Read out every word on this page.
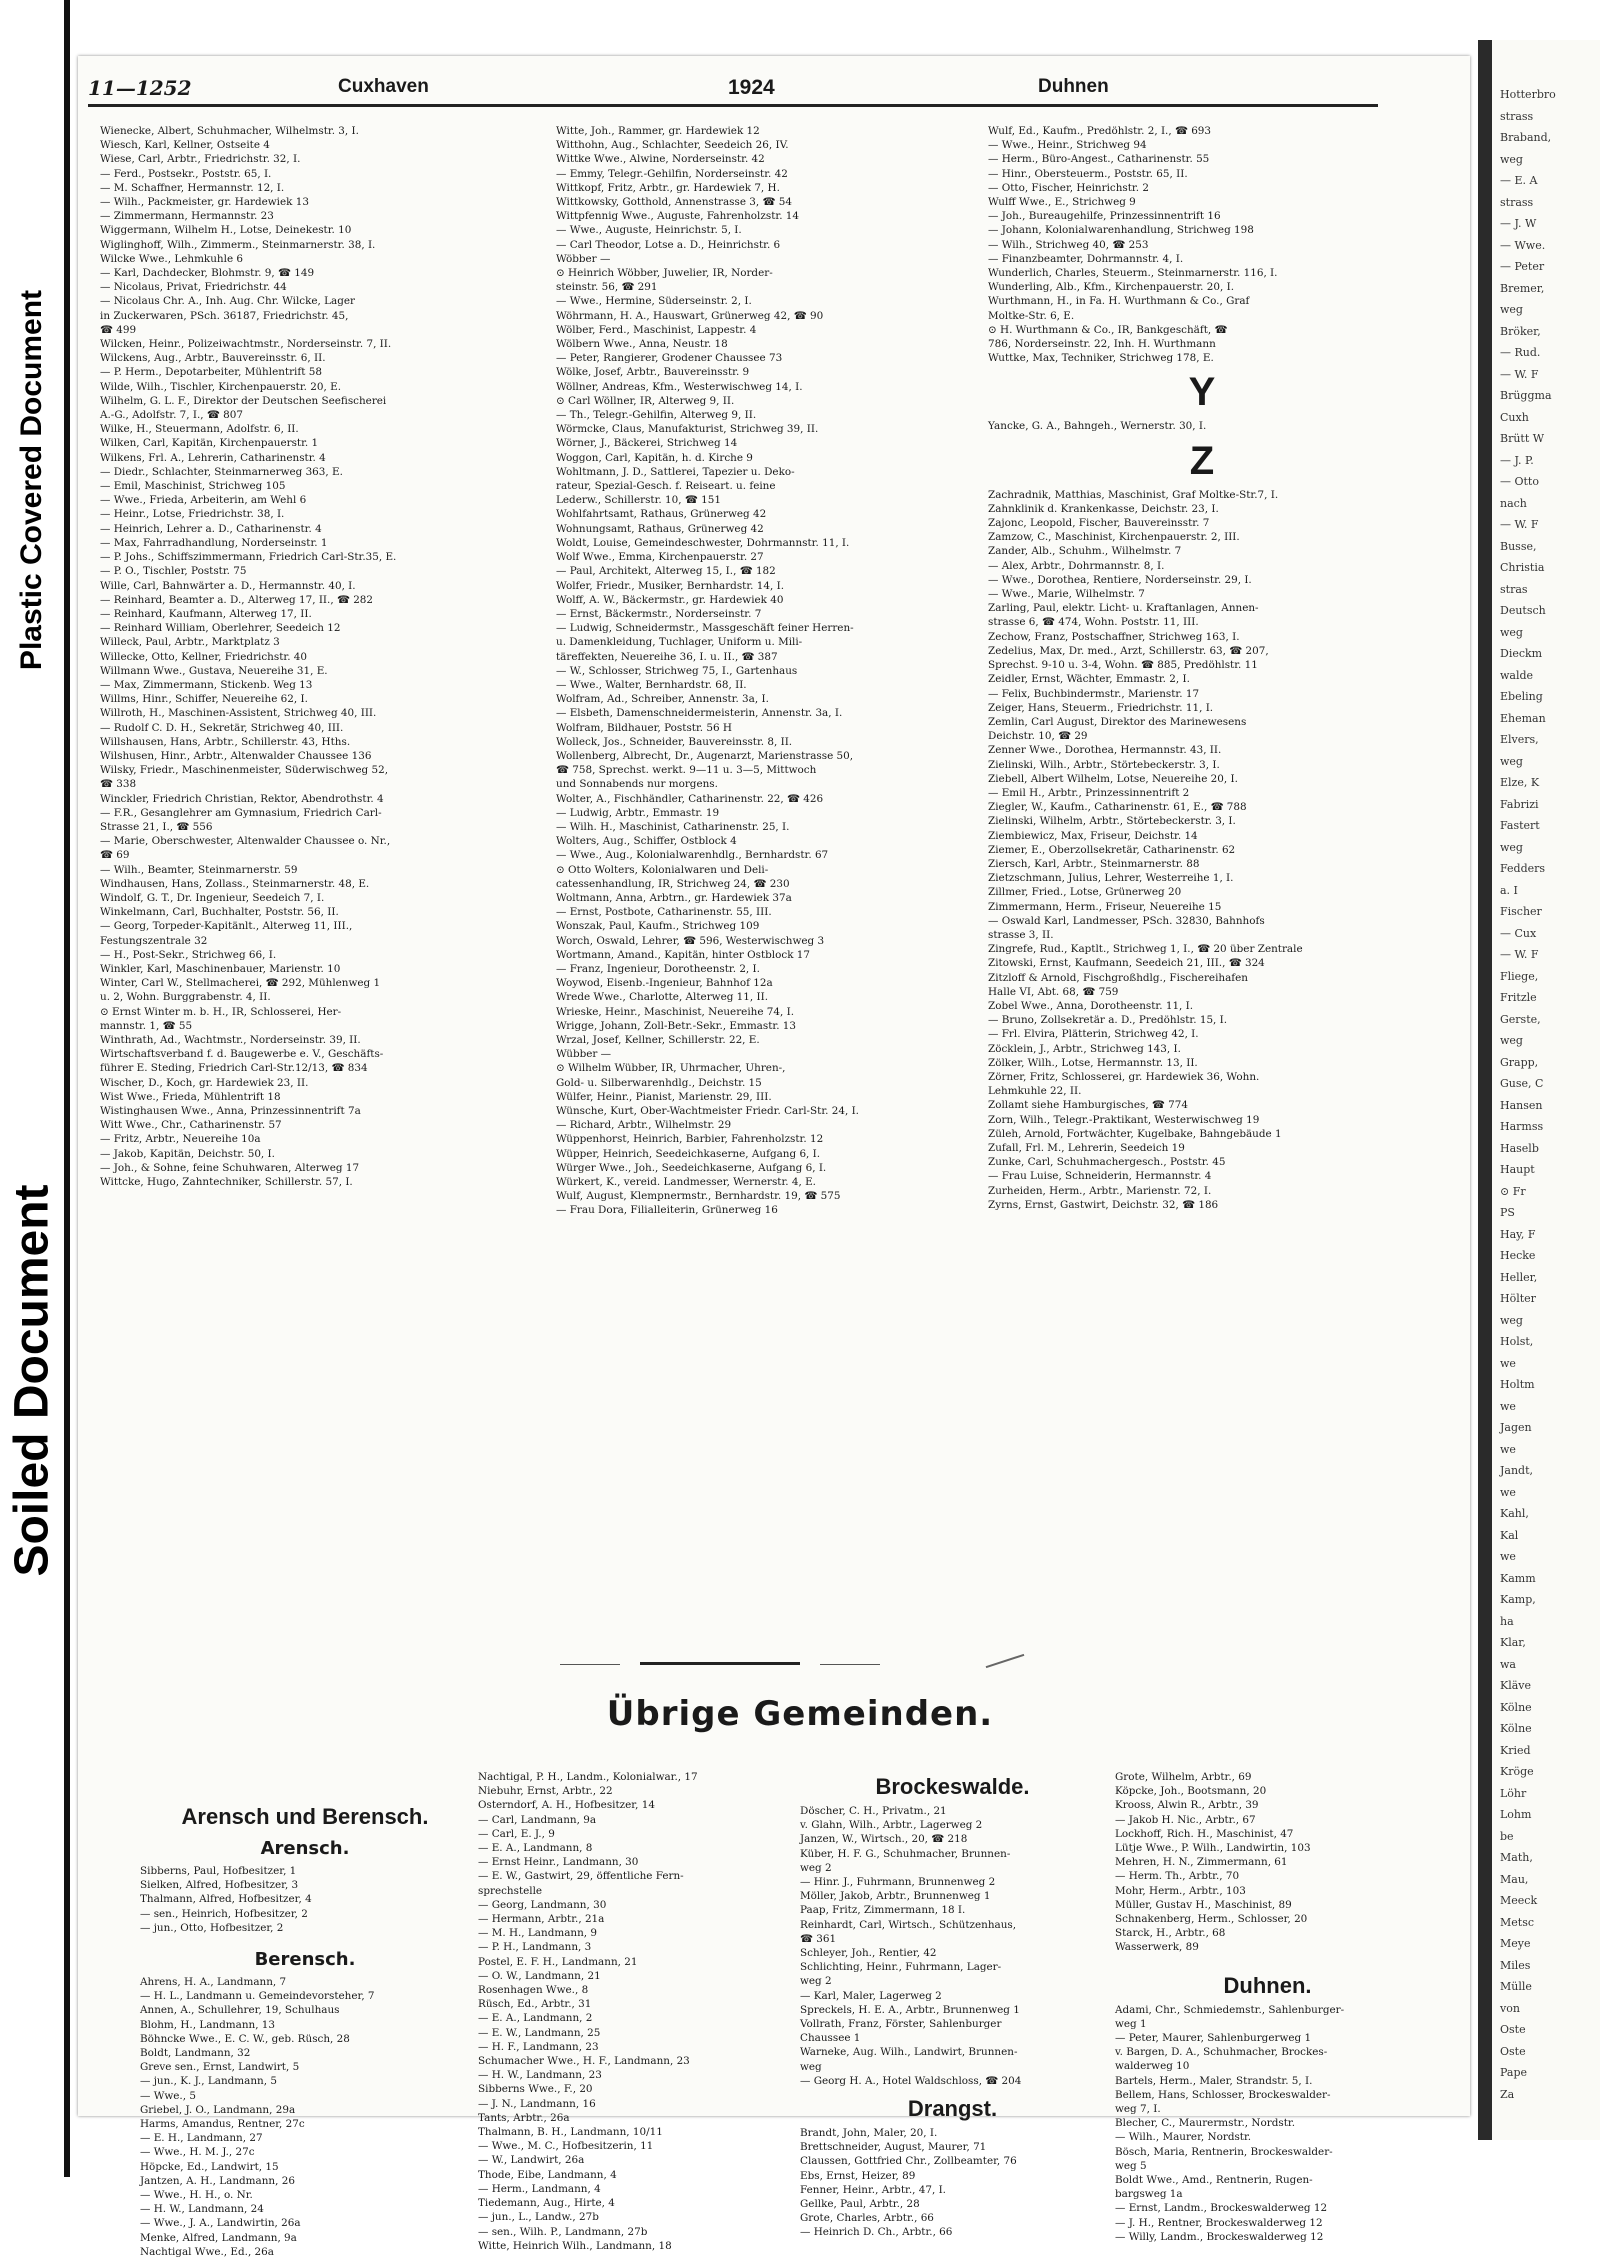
Plastic Covered Document
Soiled Document
Hotterbro
strass
Braband,
weg
— E. A
strass
— J. W
— Wwe.
— Peter
Bremer,
weg
Bröker,
— Rud.
— W. F
Brüggma
Cuxh
Brütt W
— J. P.
— Otto
nach
— W. F
Busse,
Christia
stras
Deutsch
weg
Dieckm
walde
Ebeling
Eheman
Elvers,
weg
Elze, K
Fabrizi
Fastert
weg
Fedders
a. I
Fischer
— Cux
— W. F
Fliege,
Fritzle
Gerste,
weg
Grapp,
Guse, C
Hansen
Harmss
Haselb
Haupt
⊙ Fr
PS
Hay, F
Hecke
Heller,
Hölter
weg
Holst,
we
Holtm
we
Jagen
we
Jandt,
we
Kahl,
Kal
we
Kamm
Kamp,
ha
Klar,
wa
Kläve
Kölne
Kölne
Kried
Kröge
Löhr
Lohm
be
Math,
Mau,
Meeck
Metsc
Meye
Miles
Mülle
von
Oste
Oste
Pape
Za
11—1252	Cuxhaven	1924	Duhnen
Wienecke, Albert, Schuhmacher, Wilhelmstr. 3, I.
Wiesch, Karl, Kellner, Ostseite 4
Wiese, Carl, Arbtr., Friedrichstr. 32, I.
— Ferd., Postsekr., Poststr. 65, I.
— M. Schaffner, Hermannstr. 12, I.
— Wilh., Packmeister, gr. Hardewiek 13
— Zimmermann, Hermannstr. 23
Wiggermann, Wilhelm H., Lotse, Deinekestr. 10
Wiglinghoff, Wilh., Zimmerm., Steinmarnerstr. 38, I.
Wilcke Wwe., Lehmkuhle 6
— Karl, Dachdecker, Blohmstr. 9, ☎ 149
— Nicolaus, Privat, Friedrichstr. 44
— Nicolaus Chr. A., Inh. Aug. Chr. Wilcke, Lager
in Zuckerwaren, PSch. 36187, Friedrichstr. 45,
☎ 499
Wilcken, Heinr., Polizeiwachtmstr., Norderseinstr. 7, II.
Wilckens, Aug., Arbtr., Bauvereinsstr. 6, II.
— P. Herm., Depotarbeiter, Mühlentrift 58
Wilde, Wilh., Tischler, Kirchenpauerstr. 20, E.
Wilhelm, G. L. F., Direktor der Deutschen Seefischerei
A.-G., Adolfstr. 7, I., ☎ 807
Wilke, H., Steuermann, Adolfstr. 6, II.
Wilken, Carl, Kapitän, Kirchenpauerstr. 1
Wilkens, Frl. A., Lehrerin, Catharinenstr. 4
— Diedr., Schlachter, Steinmarnerweg 363, E.
— Emil, Maschinist, Strichweg 105
— Wwe., Frieda, Arbeiterin, am Wehl 6
— Heinr., Lotse, Friedrichstr. 38, I.
— Heinrich, Lehrer a. D., Catharinenstr. 4
— Max, Fahrradhandlung, Norderseinstr. 1
— P. Johs., Schiffszimmermann, Friedrich Carl-Str.35, E.
— P. O., Tischler, Poststr. 75
Wille, Carl, Bahnwärter a. D., Hermannstr. 40, I.
— Reinhard, Beamter a. D., Alterweg 17, II., ☎ 282
— Reinhard, Kaufmann, Alterweg 17, II.
— Reinhard William, Oberlehrer, Seedeich 12
Willeck, Paul, Arbtr., Marktplatz 3
Willecke, Otto, Kellner, Friedrichstr. 40
Willmann Wwe., Gustava, Neuereihe 31, E.
— Max, Zimmermann, Stickenb. Weg 13
Willms, Hinr., Schiffer, Neuereihe 62, I.
Willroth, H., Maschinen-Assistent, Strichweg 40, III.
— Rudolf C. D. H., Sekretär, Strichweg 40, III.
Willshausen, Hans, Arbtr., Schillerstr. 43, Hths.
Wilshusen, Hinr., Arbtr., Altenwalder Chaussee 136
Wilsky, Friedr., Maschinenmeister, Süderwischweg 52,
☎ 338
Winckler, Friedrich Christian, Rektor, Abendrothstr. 4
— F.R., Gesanglehrer am Gymnasium, Friedrich Carl-
Strasse 21, I., ☎ 556
— Marie, Oberschwester, Altenwalder Chaussee o. Nr.,
☎ 69
— Wilh., Beamter, Steinmarnerstr. 59
Windhausen, Hans, Zollass., Steinmarnerstr. 48, E.
Windolf, G. T., Dr. Ingenieur, Seedeich 7, I.
Winkelmann, Carl, Buchhalter, Poststr. 56, II.
— Georg, Torpeder-Kapitänlt., Alterweg 11, III.,
Festungszentrale 32
— H., Post-Sekr., Strichweg 66, I.
Winkler, Karl, Maschinenbauer, Marienstr. 10
Winter, Carl W., Stellmacherei, ☎ 292, Mühlenweg 1
u. 2, Wohn. Burggrabenstr. 4, II.
⊙ Ernst Winter m. b. H., IR, Schlosserei, Her-
mannstr. 1, ☎ 55
Winthrath, Ad., Wachtmstr., Norderseinstr. 39, II.
Wirtschaftsverband f. d. Baugewerbe e. V., Geschäfts-
führer E. Steding, Friedrich Carl-Str.12/13, ☎ 834
Wischer, D., Koch, gr. Hardewiek 23, II.
Wist Wwe., Frieda, Mühlentrift 18
Wistinghausen Wwe., Anna, Prinzessinnentrift 7a
Witt Wwe., Chr., Catharinenstr. 57
— Fritz, Arbtr., Neuereihe 10a
— Jakob, Kapitän, Deichstr. 50, I.
— Joh., & Sohne, feine Schuhwaren, Alterweg 17
Wittcke, Hugo, Zahntechniker, Schillerstr. 57, I.
Witte, Joh., Rammer, gr. Hardewiek 12
Witthohn, Aug., Schlachter, Seedeich 26, IV.
Wittke Wwe., Alwine, Norderseinstr. 42
— Emmy, Telegr.-Gehilfin, Norderseinstr. 42
Wittkopf, Fritz, Arbtr., gr. Hardewiek 7, H.
Wittkowsky, Gotthold, Annenstrasse 3, ☎ 54
Wittpfennig Wwe., Auguste, Fahrenholzstr. 14
— Wwe., Auguste, Heinrichstr. 5, I.
— Carl Theodor, Lotse a. D., Heinrichstr. 6
Wöbber —
⊙ Heinrich Wöbber, Juwelier, IR, Norder-
steinstr. 56, ☎ 291
— Wwe., Hermine, Süderseinstr. 2, I.
Wöhrmann, H. A., Hauswart, Grünerweg 42, ☎ 90
Wölber, Ferd., Maschinist, Lappestr. 4
Wölbern Wwe., Anna, Neustr. 18
— Peter, Rangierer, Grodener Chaussee 73
Wölke, Josef, Arbtr., Bauvereinsstr. 9
Wöllner, Andreas, Kfm., Westerwischweg 14, I.
⊙ Carl Wöllner, IR, Alterweg 9, II.
— Th., Telegr.-Gehilfin, Alterweg 9, II.
Wörmcke, Claus, Manufakturist, Strichweg 39, II.
Wörner, J., Bäckerei, Strichweg 14
Woggon, Carl, Kapitän, h. d. Kirche 9
Wohltmann, J. D., Sattlerei, Tapezier u. Deko-
rateur, Spezial-Gesch. f. Reiseart. u. feine
Lederw., Schillerstr. 10, ☎ 151
Wohlfahrtsamt, Rathaus, Grünerweg 42
Wohnungsamt, Rathaus, Grünerweg 42
Woldt, Louise, Gemeindeschwester, Dohrmannstr. 11, I.
Wolf Wwe., Emma, Kirchenpauerstr. 27
— Paul, Architekt, Alterweg 15, I., ☎ 182
Wolfer, Friedr., Musiker, Bernhardstr. 14, I.
Wolff, A. W., Bäckermstr., gr. Hardewiek 40
— Ernst, Bäckermstr., Norderseinstr. 7
— Ludwig, Schneidermstr., Massgeschäft feiner Herren-
u. Damenkleidung, Tuchlager, Uniform u. Mili-
täreffekten, Neuereihe 36, I. u. II., ☎ 387
— W., Schlosser, Strichweg 75, I., Gartenhaus
— Wwe., Walter, Bernhardstr. 68, II.
Wolfram, Ad., Schreiber, Annenstr. 3a, I.
— Elsbeth, Damenschneidermeisterin, Annenstr. 3a, I.
Wolfram, Bildhauer, Poststr. 56 H
Wolleck, Jos., Schneider, Bauvereinsstr. 8, II.
Wollenberg, Albrecht, Dr., Augenarzt, Marienstrasse 50,
☎ 758, Sprechst. werkt. 9—11 u. 3—5, Mittwoch
und Sonnabends nur morgens.
Wolter, A., Fischhändler, Catharinenstr. 22, ☎ 426
— Ludwig, Arbtr., Emmastr. 19
— Wilh. H., Maschinist, Catharinenstr. 25, I.
Wolters, Aug., Schiffer, Ostblock 4
— Wwe., Aug., Kolonialwarenhdlg., Bernhardstr. 67
⊙ Otto Wolters, Kolonialwaren und Deli-
catessenhandlung, IR, Strichweg 24, ☎ 230
Woltmann, Anna, Arbtrn., gr. Hardewiek 37a
— Ernst, Postbote, Catharinenstr. 55, III.
Wonszak, Paul, Kaufm., Strichweg 109
Worch, Oswald, Lehrer, ☎ 596, Westerwischweg 3
Wortmann, Amand., Kapitän, hinter Ostblock 17
— Franz, Ingenieur, Dorotheenstr. 2, I.
Woywod, Eisenb.-Ingenieur, Bahnhof 12a
Wrede Wwe., Charlotte, Alterweg 11, II.
Wrieske, Heinr., Maschinist, Neuereihe 74, I.
Wrigge, Johann, Zoll-Betr.-Sekr., Emmastr. 13
Wrzal, Josef, Kellner, Schillerstr. 22, E.
Wübber —
⊙ Wilhelm Wübber, IR, Uhrmacher, Uhren-,
Gold- u. Silberwarenhdlg., Deichstr. 15
Wülfer, Heinr., Pianist, Marienstr. 29, III.
Wünsche, Kurt, Ober-Wachtmeister Friedr. Carl-Str. 24, I.
— Richard, Arbtr., Wilhelmstr. 29
Wüppenhorst, Heinrich, Barbier, Fahrenholzstr. 12
Wüpper, Heinrich, Seedeichkaserne, Aufgang 6, I.
Würger Wwe., Joh., Seedeichkaserne, Aufgang 6, I.
Würkert, K., vereid. Landmesser, Wernerstr. 4, E.
Wulf, August, Klempnermstr., Bernhardstr. 19, ☎ 575
— Frau Dora, Filialleiterin, Grünerweg 16
Wulf, Ed., Kaufm., Predöhlstr. 2, I., ☎ 693
— Wwe., Heinr., Strichweg 94
— Herm., Büro-Angest., Catharinenstr. 55
— Hinr., Obersteuerm., Poststr. 65, II.
— Otto, Fischer, Heinrichstr. 2
Wulff Wwe., E., Strichweg 9
— Joh., Bureaugehilfe, Prinzessinnentrift 16
— Johann, Kolonialwarenhandlung, Strichweg 198
— Wilh., Strichweg 40, ☎ 253
— Finanzbeamter, Dohrmannstr. 4, I.
Wunderlich, Charles, Steuerm., Steinmarnerstr. 116, I.
Wunderling, Alb., Kfm., Kirchenpauerstr. 20, I.
Wurthmann, H., in Fa. H. Wurthmann & Co., Graf
Moltke-Str. 6, E.
⊙ H. Wurthmann & Co., IR, Bankgeschäft, ☎
786, Norderseinstr. 22, Inh. H. Wurthmann
Wuttke, Max, Techniker, Strichweg 178, E.
Y
Yancke, G. A., Bahngeh., Wernerstr. 30, I.
Z
Zachradnik, Matthias, Maschinist, Graf Moltke-Str.7, I.
Zahnklinik d. Krankenkasse, Deichstr. 23, I.
Zajonc, Leopold, Fischer, Bauvereinsstr. 7
Zamzow, C., Maschinist, Kirchenpauerstr. 2, III.
Zander, Alb., Schuhm., Wilhelmstr. 7
— Alex, Arbtr., Dohrmannstr. 8, I.
— Wwe., Dorothea, Rentiere, Norderseinstr. 29, I.
— Wwe., Marie, Wilhelmstr. 7
Zarling, Paul, elektr. Licht- u. Kraftanlagen, Annen-
strasse 6, ☎ 474, Wohn. Poststr. 11, III.
Zechow, Franz, Postschaffner, Strichweg 163, I.
Zedelius, Max, Dr. med., Arzt, Schillerstr. 63, ☎ 207,
Sprechst. 9-10 u. 3-4, Wohn. ☎ 885, Predöhlstr. 11
Zeidler, Ernst, Wächter, Emmastr. 2, I.
— Felix, Buchbindermstr., Marienstr. 17
Zeiger, Hans, Steuerm., Friedrichstr. 11, I.
Zemlin, Carl August, Direktor des Marinewesens
Deichstr. 10, ☎ 29
Zenner Wwe., Dorothea, Hermannstr. 43, II.
Zielinski, Wilh., Arbtr., Störtebeckerstr. 3, I.
Ziebell, Albert Wilhelm, Lotse, Neuereihe 20, I.
— Emil H., Arbtr., Prinzessinnentrift 2
Ziegler, W., Kaufm., Catharinenstr. 61, E., ☎ 788
Zielinski, Wilhelm, Arbtr., Störtebeckerstr. 3, I.
Ziembiewicz, Max, Friseur, Deichstr. 14
Ziemer, E., Oberzollsekretär, Catharinenstr. 62
Ziersch, Karl, Arbtr., Steinmarnerstr. 88
Zietzschmann, Julius, Lehrer, Westerreihe 1, I.
Zillmer, Fried., Lotse, Grünerweg 20
Zimmermann, Herm., Friseur, Neuereihe 15
— Oswald Karl, Landmesser, PSch. 32830, Bahnhofs
strasse 3, II.
Zingrefe, Rud., Kaptlt., Strichweg 1, I., ☎ 20 über Zentrale
Zitowski, Ernst, Kaufmann, Seedeich 21, III., ☎ 324
Zitzloff & Arnold, Fischgroßhdlg., Fischereihafen
Halle VI, Abt. 68, ☎ 759
Zobel Wwe., Anna, Dorotheenstr. 11, I.
— Bruno, Zollsekretär a. D., Predöhlstr. 15, I.
— Frl. Elvira, Plätterin, Strichweg 42, I.
Zöcklein, J., Arbtr., Strichweg 143, I.
Zölker, Wilh., Lotse, Hermannstr. 13, II.
Zörner, Fritz, Schlosserei, gr. Hardewiek 36, Wohn.
Lehmkuhle 22, II.
Zollamt siehe Hamburgisches, ☎ 774
Zorn, Wilh., Telegr.-Praktikant, Westerwischweg 19
Züleh, Arnold, Fortwächter, Kugelbake, Bahngebäude 1
Zufall, Frl. M., Lehrerin, Seedeich 19
Zunke, Carl, Schuhmachergesch., Poststr. 45
— Frau Luise, Schneiderin, Hermannstr. 4
Zurheiden, Herm., Arbtr., Marienstr. 72, I.
Zyrns, Ernst, Gastwirt, Deichstr. 32, ☎ 186
Übrige Gemeinden.
Arensch und Berensch.
Arensch.
Sibberns, Paul, Hofbesitzer, 1
Sielken, Alfred, Hofbesitzer, 3
Thalmann, Alfred, Hofbesitzer, 4
— sen., Heinrich, Hofbesitzer, 2
— jun., Otto, Hofbesitzer, 2
Berensch.
Ahrens, H. A., Landmann, 7
— H. L., Landmann u. Gemeindevorsteher, 7
Annen, A., Schullehrer, 19, Schulhaus
Blohm, H., Landmann, 13
Böhncke Wwe., E. C. W., geb. Rüsch, 28
Boldt, Landmann, 32
Greve sen., Ernst, Landwirt, 5
— jun., K. J., Landmann, 5
— Wwe., 5
Griebel, J. O., Landmann, 29a
Harms, Amandus, Rentner, 27c
— E. H., Landmann, 27
— Wwe., H. M. J., 27c
Höpcke, Ed., Landwirt, 15
Jantzen, A. H., Landmann, 26
— Wwe., H. H., o. Nr.
— H. W., Landmann, 24
— Wwe., J. A., Landwirtin, 26a
Menke, Alfred, Landmann, 9a
Nachtigal Wwe., Ed., 26a
Nachtigal, P. H., Landm., Kolonialwar., 17
Niebuhr, Ernst, Arbtr., 22
Osterndorf, A. H., Hofbesitzer, 14
— Carl, Landmann, 9a
— Carl, E. J., 9
— E. A., Landmann, 8
— Ernst Heinr., Landmann, 30
— E. W., Gastwirt, 29, öffentliche Fern-
sprechstelle
— Georg, Landmann, 30
— Hermann, Arbtr., 21a
— M. H., Landmann, 9
— P. H., Landmann, 3
Postel, E. F. H., Landmann, 21
— O. W., Landmann, 21
Rosenhagen Wwe., 8
Rüsch, Ed., Arbtr., 31
— E. A., Landmann, 2
— E. W., Landmann, 25
— H. F., Landmann, 23
Schumacher Wwe., H. F., Landmann, 23
— H. W., Landmann, 23
Sibberns Wwe., F., 20
— J. N., Landmann, 16
Tants, Arbtr., 26a
Thalmann, B. H., Landmann, 10/11
— Wwe., M. C., Hofbesitzerin, 11
— W., Landwirt, 26a
Thode, Eibe, Landmann, 4
— Herm., Landmann, 4
Tiedemann, Aug., Hirte, 4
— jun., L., Landw., 27b
— sen., Wilh. P., Landmann, 27b
Witte, Heinrich Wilh., Landmann, 18
Brockeswalde.
Döscher, C. H., Privatm., 21
v. Glahn, Wilh., Arbtr., Lagerweg 2
Janzen, W., Wirtsch., 20, ☎ 218
Küber, H. F. G., Schuhmacher, Brunnen-
weg 2
— Hinr. J., Fuhrmann, Brunnenweg 2
Möller, Jakob, Arbtr., Brunnenweg 1
Paap, Fritz, Zimmermann, 18 I.
Reinhardt, Carl, Wirtsch., Schützenhaus,
☎ 361
Schleyer, Joh., Rentier, 42
Schlichting, Heinr., Fuhrmann, Lager-
weg 2
— Karl, Maler, Lagerweg 2
Spreckels, H. E. A., Arbtr., Brunnenweg 1
Vollrath, Franz, Förster, Sahlenburger
Chaussee 1
Warneke, Aug. Wilh., Landwirt, Brunnen-
weg
— Georg H. A., Hotel Waldschloss, ☎ 204
Drangst.
Brandt, John, Maler, 20, I.
Brettschneider, August, Maurer, 71
Claussen, Gottfried Chr., Zollbeamter, 76
Ebs, Ernst, Heizer, 89
Fenner, Heinr., Arbtr., 47, I.
Gellke, Paul, Arbtr., 28
Grote, Charles, Arbtr., 66
— Heinrich D. Ch., Arbtr., 66
Grote, Wilhelm, Arbtr., 69
Köpcke, Joh., Bootsmann, 20
Krooss, Alwin R., Arbtr., 39
— Jakob H. Nic., Arbtr., 67
Lockhoff, Rich. H., Maschinist, 47
Lütje Wwe., P. Wilh., Landwirtin, 103
Mehren, H. N., Zimmermann, 61
— Herm. Th., Arbtr., 70
Mohr, Herm., Arbtr., 103
Müller, Gustav H., Maschinist, 89
Schnakenberg, Herm., Schlosser, 20
Starck, H., Arbtr., 68
Wasserwerk, 89
Duhnen.
Adami, Chr., Schmiedemstr., Sahlenburger-
weg 1
— Peter, Maurer, Sahlenburgerweg 1
v. Bargen, D. A., Schuhmacher, Brockes-
walderweg 10
Bartels, Herm., Maler, Strandstr. 5, I.
Bellem, Hans, Schlosser, Brockeswalder-
weg 7, I.
Blecher, C., Maurermstr., Nordstr.
— Wilh., Maurer, Nordstr.
Bösch, Maria, Rentnerin, Brockeswalder-
weg 5
Boldt Wwe., Amd., Rentnerin, Rugen-
bargsweg 1a
— Ernst, Landm., Brockeswalderweg 12
— J. H., Rentner, Brockeswalderweg 12
— Willy, Landm., Brockeswalderweg 12
